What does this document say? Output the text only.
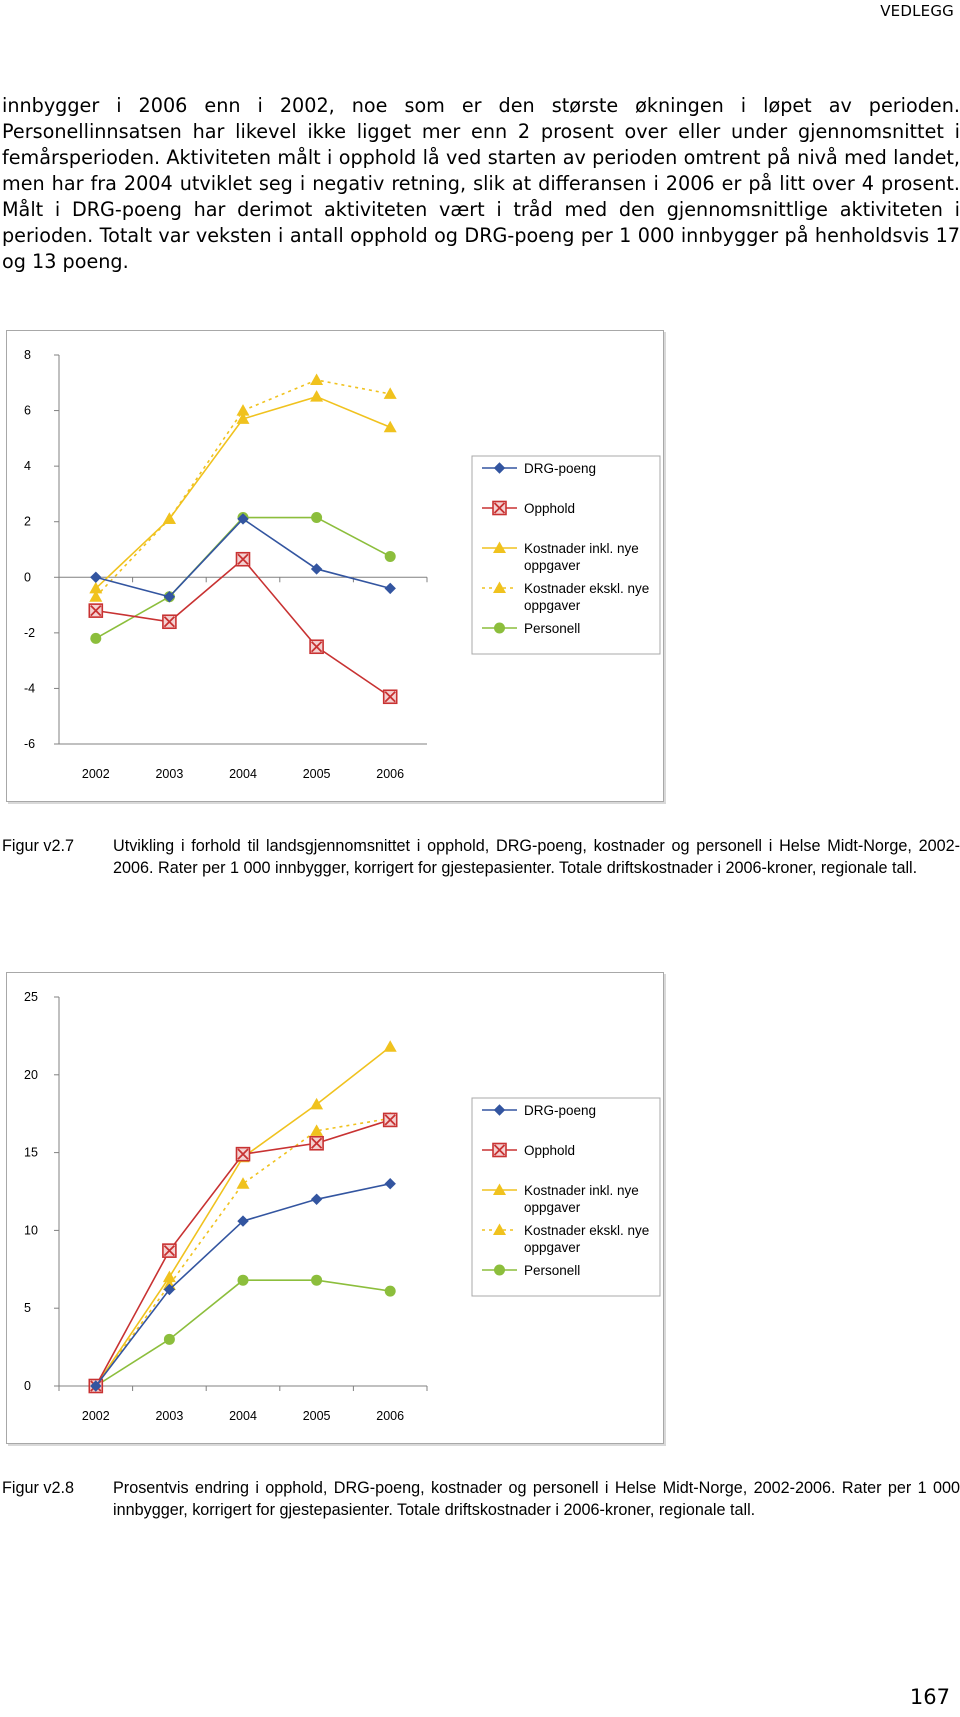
VEDLEGG

innbygger i 2006 enn i 2002, noe som er den største økningen i løpet av perioden. Personellinnsatsen har likevel ikke ligget mer enn 2 prosent over eller under gjennomsnittet i femårsperioden. Aktiviteten målt i opphold lå ved starten av perioden omtrent på nivå med landet, men har fra 2004 utviklet seg i negativ retning, slik at differansen i 2006 er på litt over 4 prosent. Målt i DRG-poeng har derimot aktiviteten vært i tråd med den gjennomsnittlige aktiviteten i perioden. Totalt var veksten i antall opphold og DRG-poeng per 1 000 innbygger på henholdsvis 17 og 13 poeng.

8
6
4
2
0
-2
-4
-6
2002	2003	2004	2005	2006
DRG-poeng
Opphold
Kostnader inkl. nye
oppgaver
Kostnader ekskl. nye
oppgaver
Personell
Figur v2.7 Utvikling i forhold til landsgjennomsnittet i opphold, DRG-poeng, kostnader og personell i Helse Midt-Norge, 2002-2006. Rater per 1 000 innbygger, korrigert for gjestepasienter. Totale driftskostnader i 2006-kroner, regionale tall.
25
20
15
10
5
0
2002	2003	2004	2005	2006
DRG-poeng
Opphold
Kostnader inkl. nye
oppgaver
Kostnader ekskl. nye
oppgaver
Personell
Figur v2.8 Prosentvis endring i opphold, DRG-poeng, kostnader og personell i Helse Midt-Norge, 2002-2006. Rater per 1 000 innbygger, korrigert for gjestepasienter. Totale driftskostnader i 2006-kroner, regionale tall.
167
